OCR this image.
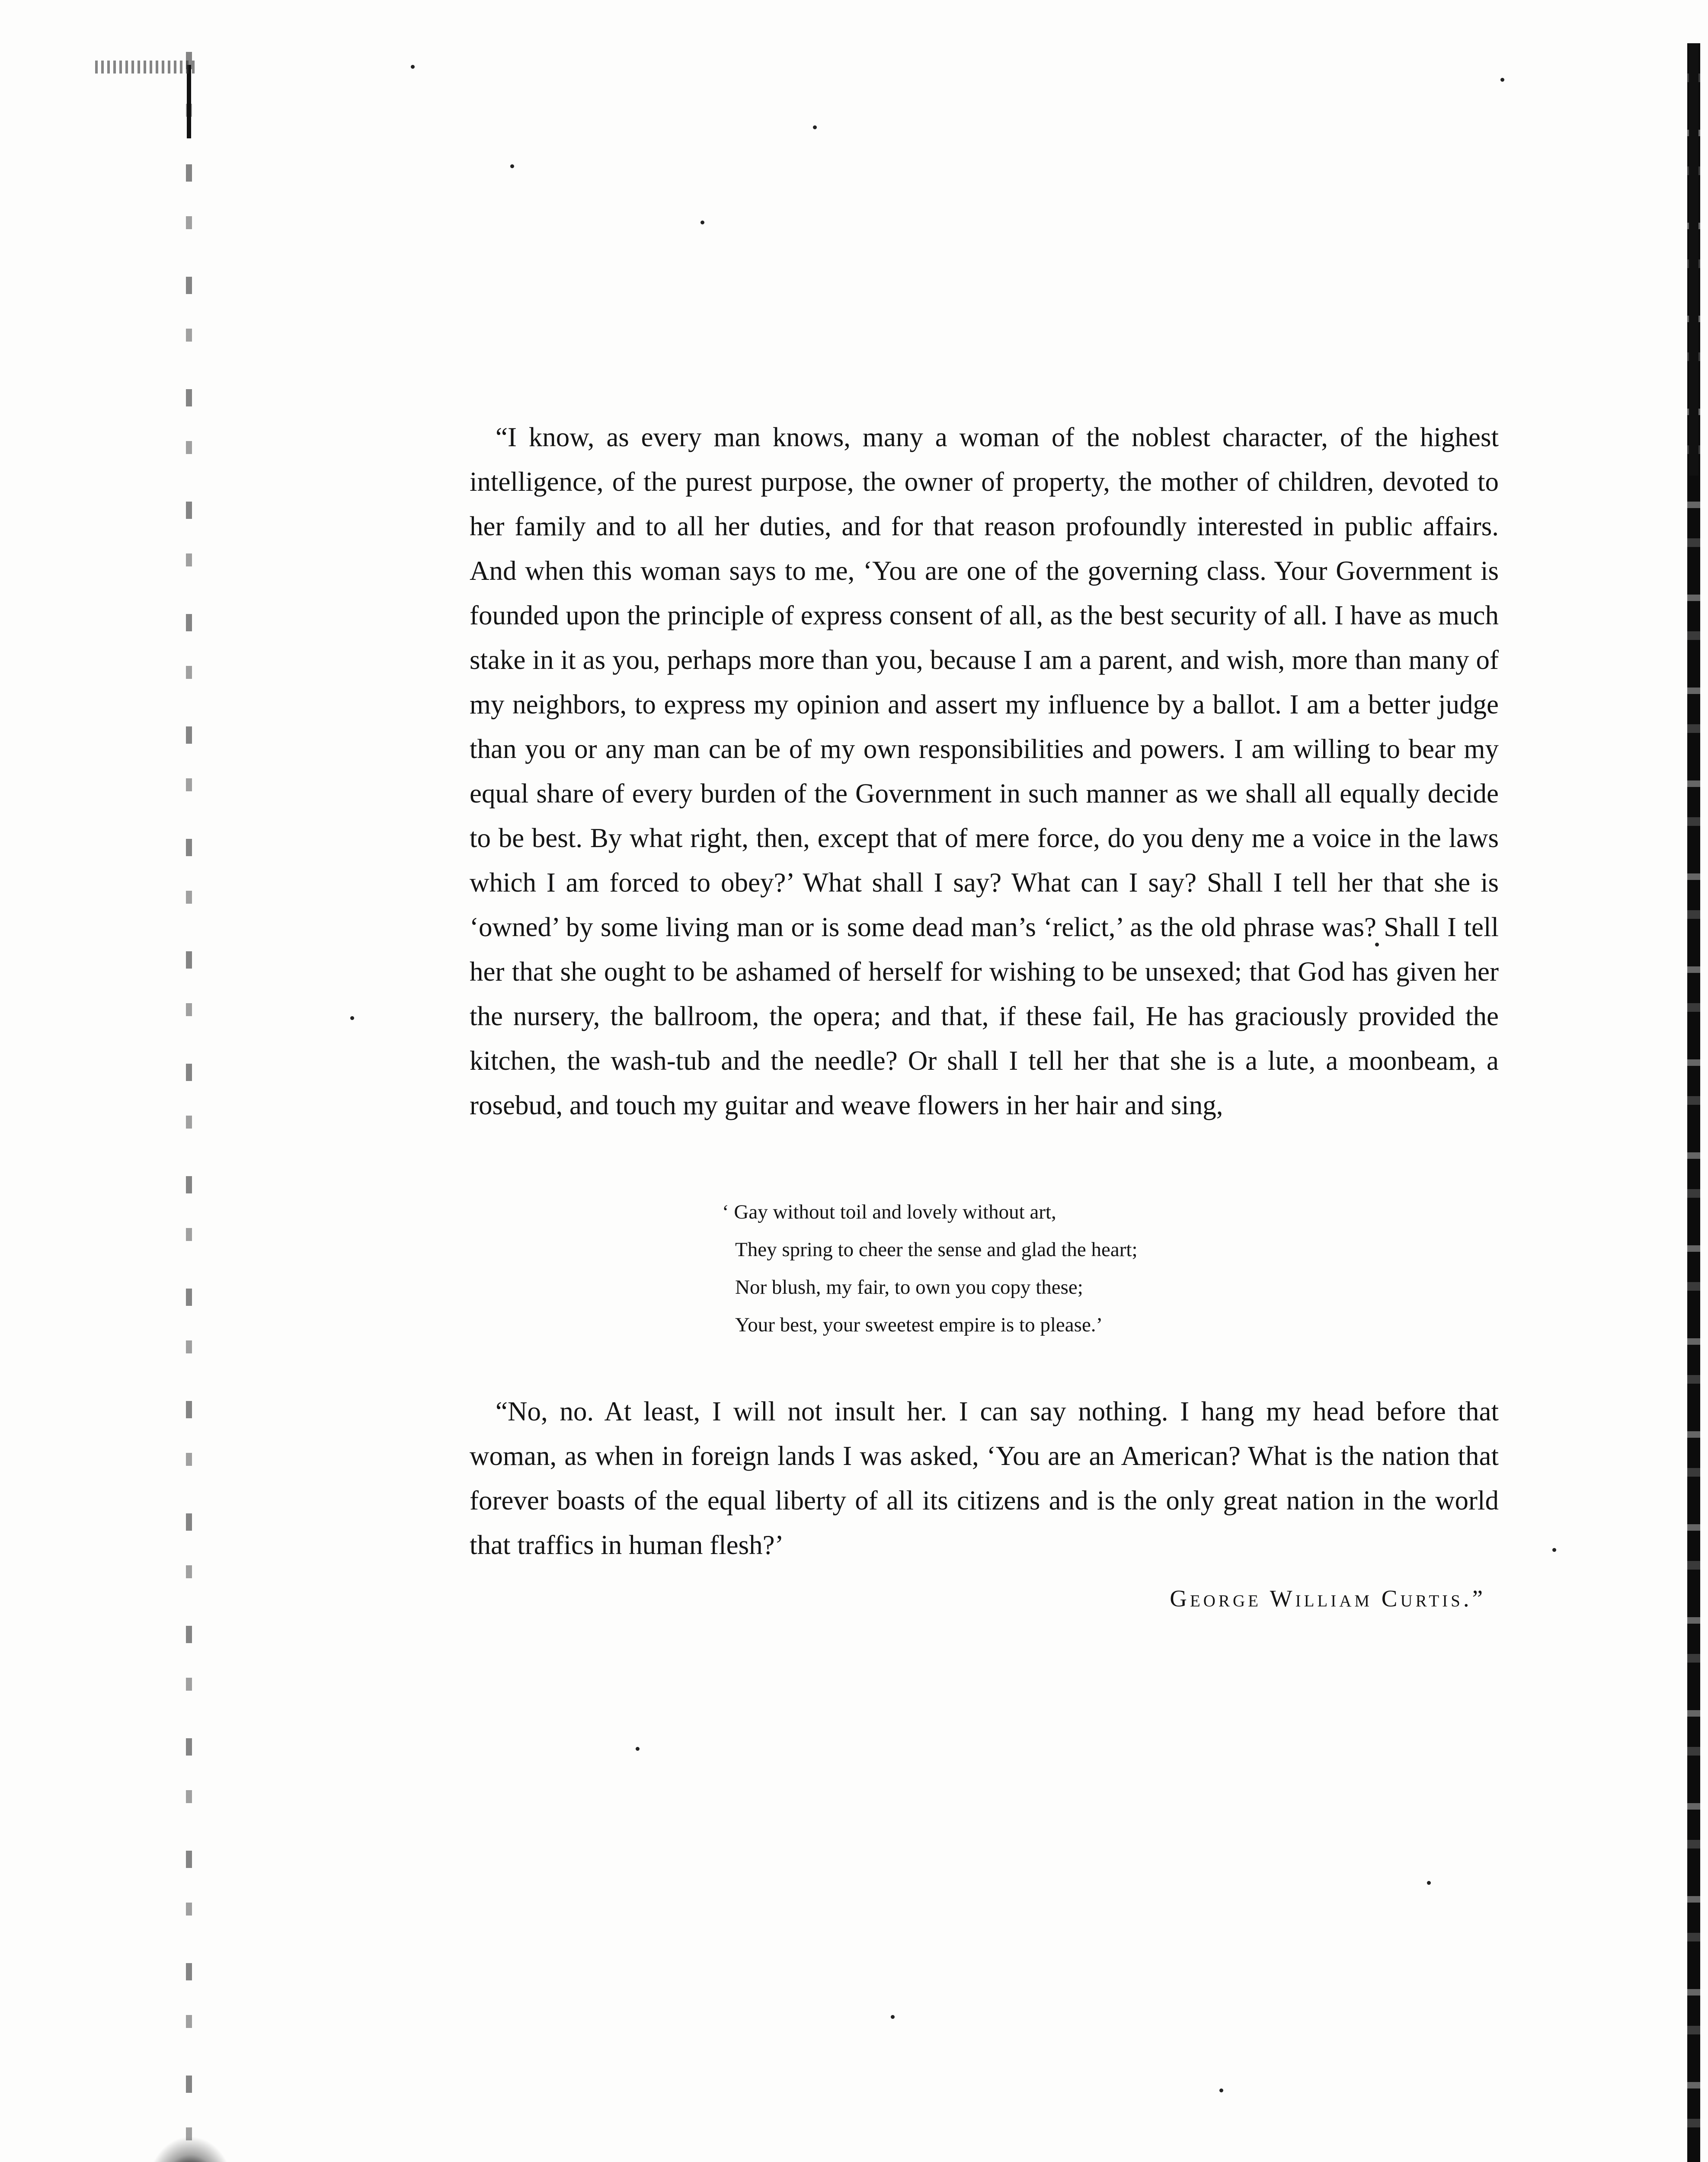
“I know, as every man knows, many a woman of the noblest character, of the highest intelligence, of the purest purpose, the owner of property, the mother of children, devoted to her family and to all her duties, and for that reason profoundly interested in public affairs. And when this woman says to me, ‘You are one of the governing class. Your Government is founded upon the principle of express consent of all, as the best security of all. I have as much stake in it as you, perhaps more than you, because I am a parent, and wish, more than many of my neighbors, to express my opinion and assert my influence by a ballot. I am a better judge than you or any man can be of my own responsibilities and powers. I am willing to bear my equal share of every burden of the Government in such manner as we shall all equally decide to be best. By what right, then, except that of mere force, do you deny me a voice in the laws which I am forced to obey?’ What shall I say? What can I say? Shall I tell her that she is ‘owned’ by some living man or is some dead man’s ‘relict,’ as the old phrase was? Shall I tell her that she ought to be ashamed of herself for wishing to be unsexed; that God has given her the nursery, the ballroom, the opera; and that, if these fail, He has graciously provided the kitchen, the wash-tub and the needle? Or shall I tell her that she is a lute, a moonbeam, a rosebud, and touch my guitar and weave flowers in her hair and sing,

‘ Gay without toil and lovely without art,
They spring to cheer the sense and glad the heart;
Nor blush, my fair, to own you copy these;
Your best, your sweetest empire is to please.’

“No, no. At least, I will not insult her. I can say nothing. I hang my head before that woman, as when in foreign lands I was asked, ‘You are an American? What is the nation that forever boasts of the equal liberty of all its citizens and is the only great nation in the world that traffics in human flesh?’

George William Curtis.”
